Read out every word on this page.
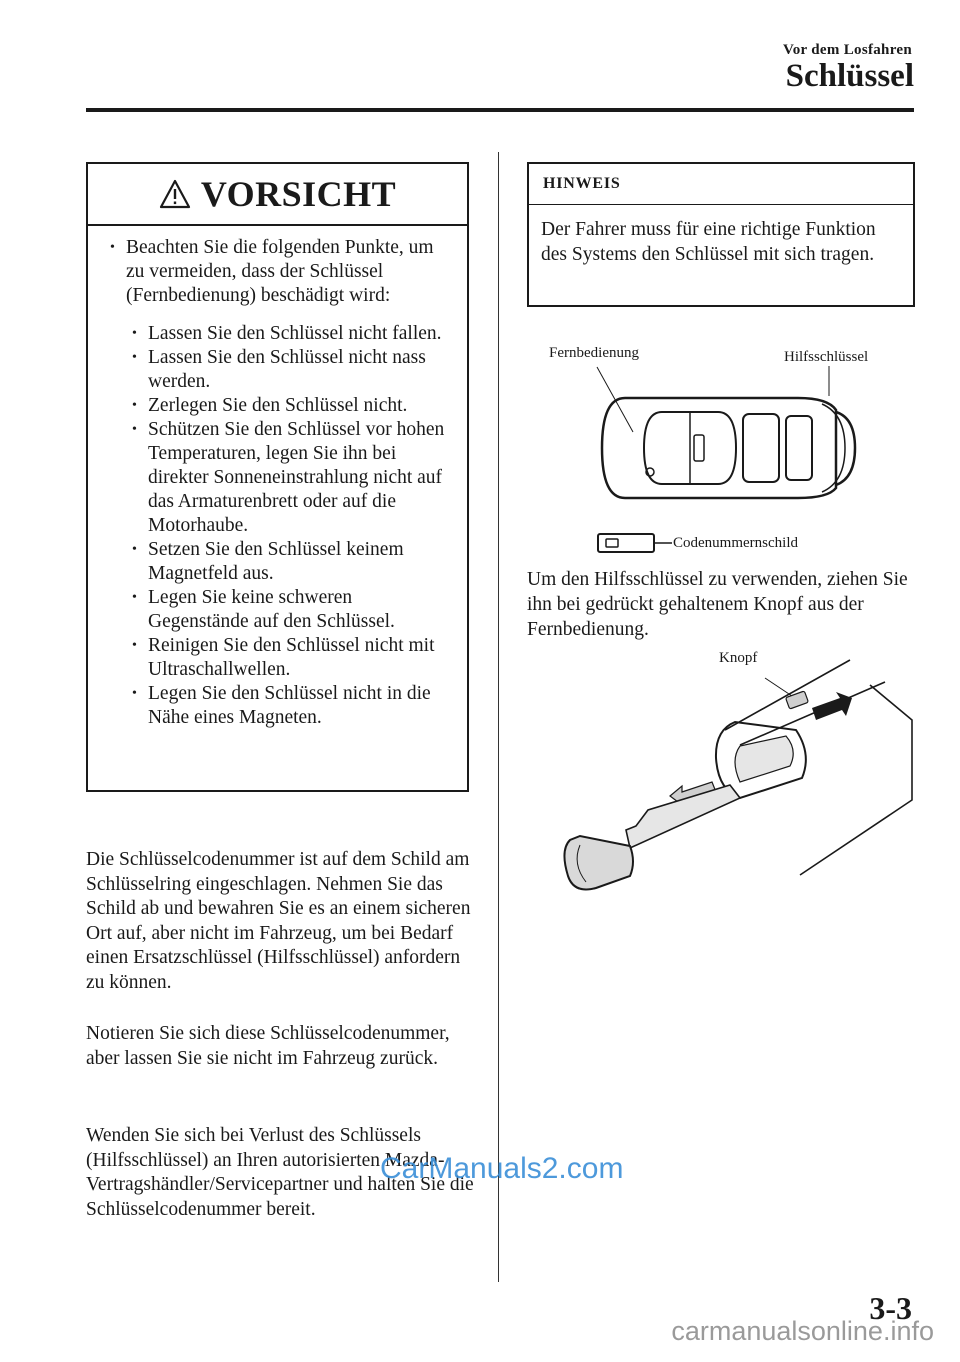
Vor dem Losfahren
Schlüssel
VORSICHT
• Beachten Sie die folgenden Punkte, um zu vermeiden, dass der Schlüssel (Fernbedienung) beschädigt wird:
• Lassen Sie den Schlüssel nicht fallen.
• Lassen Sie den Schlüssel nicht nass werden.
• Zerlegen Sie den Schlüssel nicht.
• Schützen Sie den Schlüssel vor hohen Temperaturen, legen Sie ihn bei direkter Sonneneinstrahlung nicht auf das Armaturenbrett oder auf die Motorhaube.
• Setzen Sie den Schlüssel keinem Magnetfeld aus.
• Legen Sie keine schweren Gegenstände auf den Schlüssel.
• Reinigen Sie den Schlüssel nicht mit Ultraschallwellen.
• Legen Sie den Schlüssel nicht in die Nähe eines Magneten.
Die Schlüsselcodenummer ist auf dem Schild am Schlüsselring eingeschlagen. Nehmen Sie das Schild ab und bewahren Sie es an einem sicheren Ort auf, aber nicht im Fahrzeug, um bei Bedarf einen Ersatzschlüssel (Hilfsschlüssel) anfordern zu können.
Notieren Sie sich diese Schlüsselcodenummer, aber lassen Sie sie nicht im Fahrzeug zurück.
Wenden Sie sich bei Verlust des Schlüssels (Hilfsschlüssel) an Ihren autorisierten Mazda-Vertragshändler/Servicepartner und halten Sie die Schlüsselcodenummer bereit.
HINWEIS
Der Fahrer muss für eine richtige Funktion des Systems den Schlüssel mit sich tragen.
Fernbedienung	Hilfsschlüssel
Codenummernschild
Um den Hilfsschlüssel zu verwenden, ziehen Sie ihn bei gedrückt gehaltenem Knopf aus der Fernbedienung.
Knopf
3-3
CarManuals2.com
carmanualsonline.info
